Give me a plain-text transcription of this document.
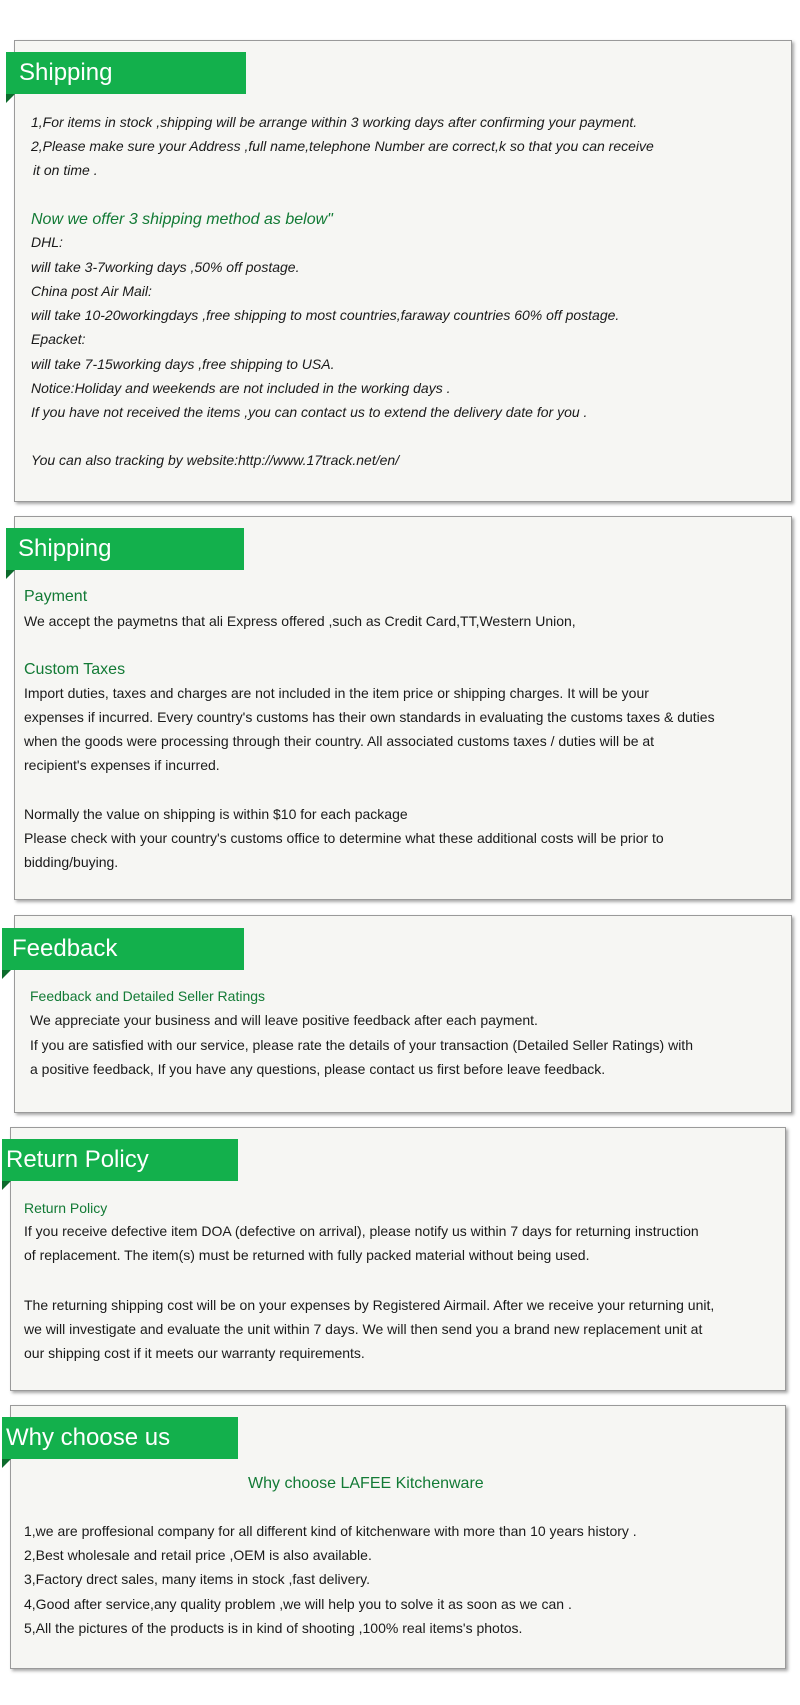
Shipping
1,For items in stock ,shipping will be arrange within 3 working days after confirming your payment.
2,Please make sure your Address ,full name,telephone Number are correct,k so that you can receive
it on time .
Now we offer 3 shipping method as below"
DHL:
will take 3-7working days ,50% off postage.
China post Air Mail:
will take 10-20workingdays ,free shipping to most countries,faraway countries 60% off postage.
Epacket:
will take 7-15working days ,free shipping to USA.
Notice:Holiday and weekends are not included in the working days .
If you have not received the items ,you can contact us to extend the delivery date for you .
You can also tracking by website:http://www.17track.net/en/
Shipping
Payment
We accept the paymetns that ali Express offered ,such as Credit Card,TT,Western Union,
Custom Taxes
Import duties, taxes and charges are not included in the item price or shipping charges. It will be your
expenses if incurred. Every country's customs has their own standards in evaluating the customs taxes & duties
when the goods were processing through their country. All associated customs taxes / duties will be at
recipient's expenses if incurred.
Normally the value on shipping is within $10 for each package
Please check with your country's customs office to determine what these additional costs will be prior to
bidding/buying.
Feedback
Feedback and Detailed Seller Ratings
We appreciate your business and will leave positive feedback after each payment.
If you are satisfied with our service, please rate the details of your transaction (Detailed Seller Ratings) with
a positive feedback, If you have any questions, please contact us first before leave feedback.
Return Policy
Return Policy
If you receive defective item DOA (defective on arrival), please notify us within 7 days for returning instruction
of replacement. The item(s) must be returned with fully packed material without being used.
The returning shipping cost will be on your expenses by Registered Airmail. After we receive your returning unit,
we will investigate and evaluate the unit within 7 days. We will then send you a brand new replacement unit at
our shipping cost if it meets our warranty requirements.
Why choose us
Why choose LAFEE Kitchenware
1,we are proffesional company for all different kind of kitchenware with more than 10 years history .
2,Best wholesale and retail price ,OEM is also available.
3,Factory drect sales, many items in stock ,fast delivery.
4,Good after service,any quality problem ,we will help you to solve it as soon as we can .
5,All the pictures of the products is in kind of shooting ,100% real items's photos.
